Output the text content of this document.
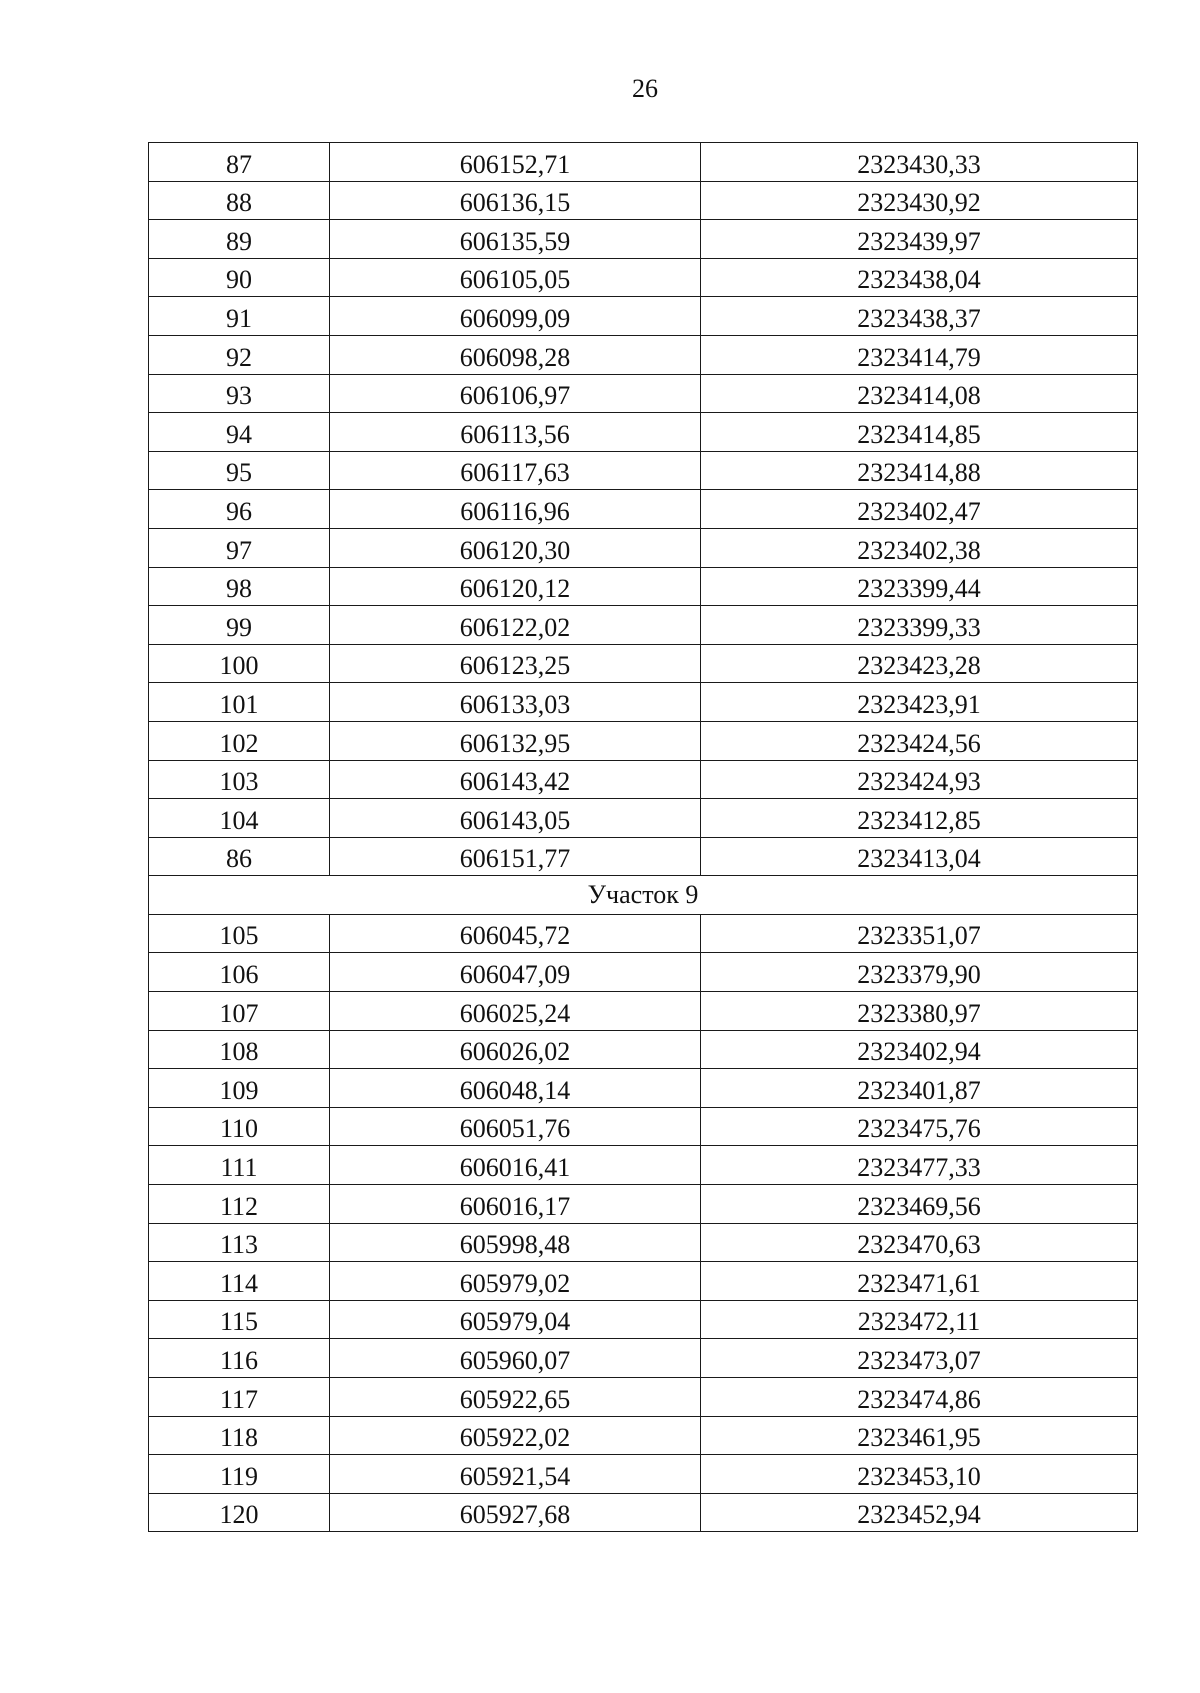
26
87	606152,71	2323430,33

88	606136,15	2323430,92

89	606135,59	2323439,97

90	606105,05	2323438,04

91	606099,09	2323438,37

92	606098,28	2323414,79

93	606106,97	2323414,08

94	606113,56	2323414,85

95	606117,63	2323414,88

96	606116,96	2323402,47

97	606120,30	2323402,38

98	606120,12	2323399,44

99	606122,02	2323399,33

100	606123,25	2323423,28

101	606133,03	2323423,91

102	606132,95	2323424,56

103	606143,42	2323424,93

104	606143,05	2323412,85

86	606151,77	2323413,04

Участок 9		

105	606045,72	2323351,07

106	606047,09	2323379,90

107	606025,24	2323380,97

108	606026,02	2323402,94

109	606048,14	2323401,87

110	606051,76	2323475,76

111	606016,41	2323477,33

112	606016,17	2323469,56

113	605998,48	2323470,63

114	605979,02	2323471,61

115	605979,04	2323472,11

116	605960,07	2323473,07

117	605922,65	2323474,86

118	605922,02	2323461,95

119	605921,54	2323453,10

120	605927,68	2323452,94
